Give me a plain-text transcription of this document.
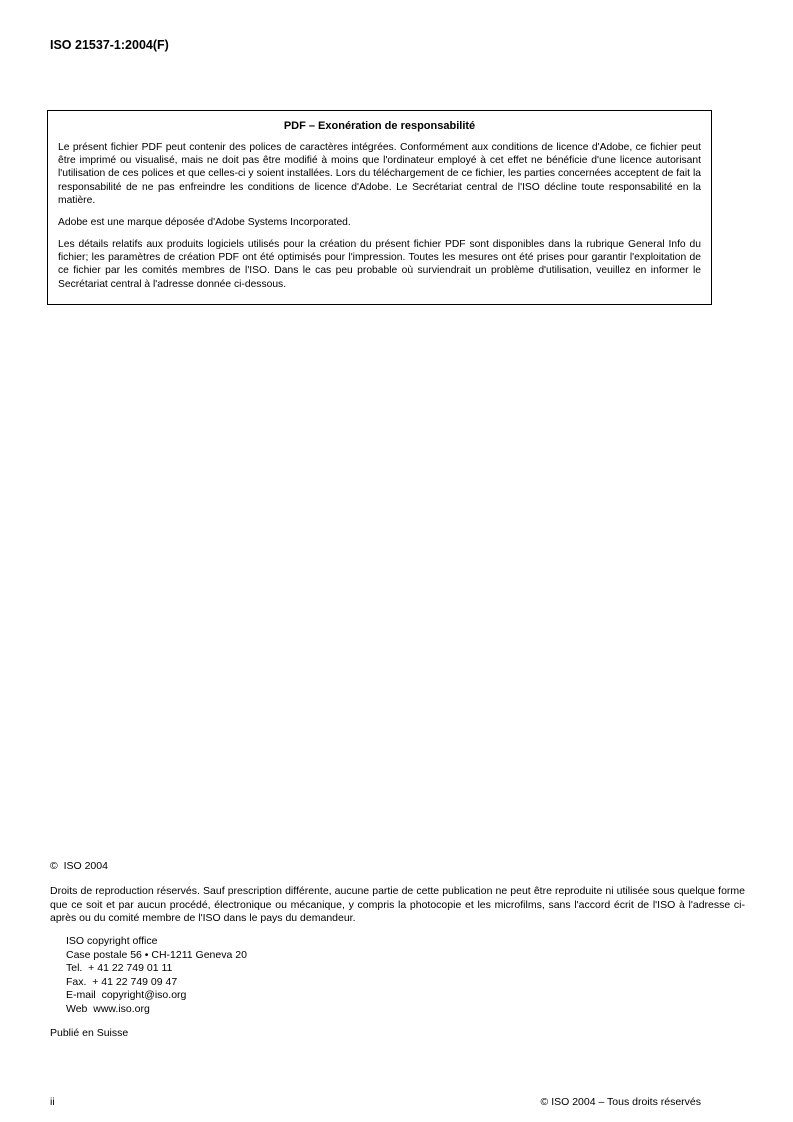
ISO 21537-1:2004(F)
PDF – Exonération de responsabilité

Le présent fichier PDF peut contenir des polices de caractères intégrées. Conformément aux conditions de licence d'Adobe, ce fichier peut être imprimé ou visualisé, mais ne doit pas être modifié à moins que l'ordinateur employé à cet effet ne bénéficie d'une licence autorisant l'utilisation de ces polices et que celles-ci y soient installées. Lors du téléchargement de ce fichier, les parties concernées acceptent de fait la responsabilité de ne pas enfreindre les conditions de licence d'Adobe. Le Secrétariat central de l'ISO décline toute responsabilité en la matière.

Adobe est une marque déposée d'Adobe Systems Incorporated.

Les détails relatifs aux produits logiciels utilisés pour la création du présent fichier PDF sont disponibles dans la rubrique General Info du fichier; les paramètres de création PDF ont été optimisés pour l'impression. Toutes les mesures ont été prises pour garantir l'exploitation de ce fichier par les comités membres de l'ISO. Dans le cas peu probable où surviendrait un problème d'utilisation, veuillez en informer le Secrétariat central à l'adresse donnée ci-dessous.

©  ISO 2004

Droits de reproduction réservés. Sauf prescription différente, aucune partie de cette publication ne peut être reproduite ni utilisée sous quelque forme que ce soit et par aucun procédé, électronique ou mécanique, y compris la photocopie et les microfilms, sans l'accord écrit de l'ISO à l'adresse ci-après ou du comité membre de l'ISO dans le pays du demandeur.

ISO copyright office
Case postale 56 • CH-1211 Geneva 20
Tel.  + 41 22 749 01 11
Fax.  + 41 22 749 09 47
E-mail  copyright@iso.org
Web  www.iso.org

Publié en Suisse

ii	© ISO 2004 – Tous droits réservés
